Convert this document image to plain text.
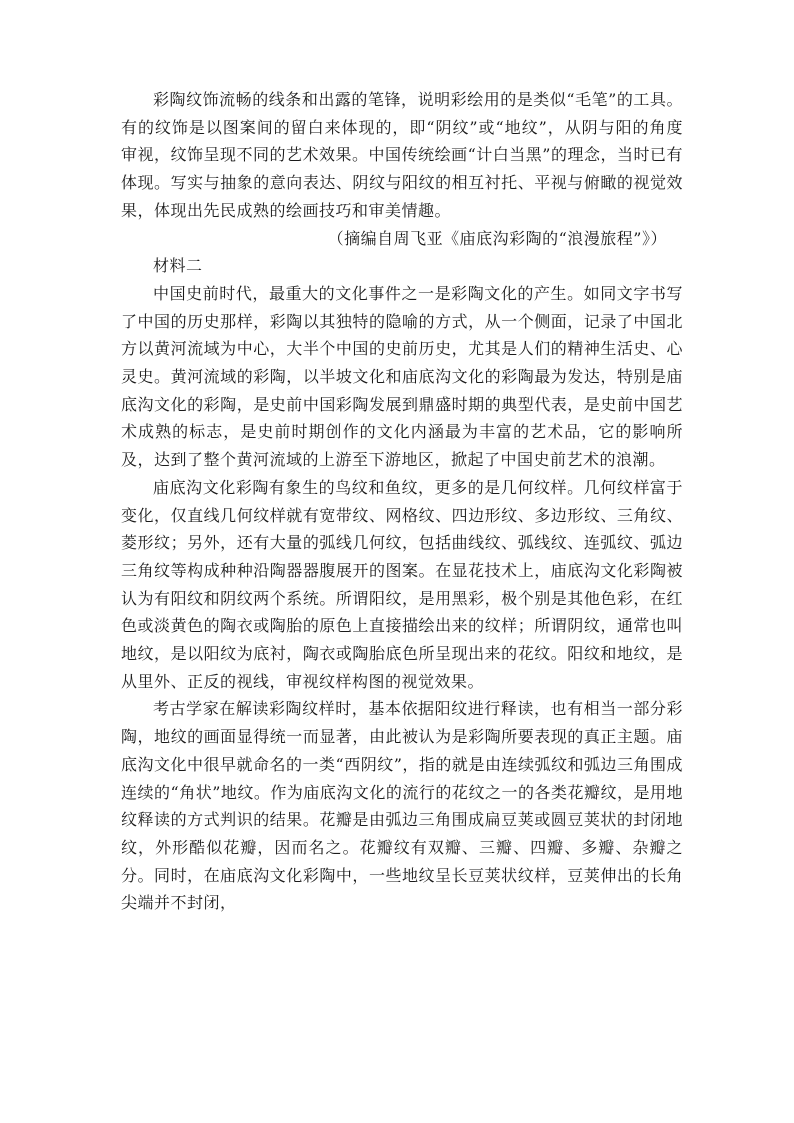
彩陶纹饰流畅的线条和出露的笔锋，说明彩绘用的是类似“毛笔”的工具。有的纹饰是以图案间的留白来体现的，即“阴纹”或“地纹”，从阴与阳的角度审视，纹饰呈现不同的艺术效果。中国传统绘画“计白当黑”的理念，当时已有体现。写实与抽象的意向表达、阴纹与阳纹的相互衬托、平视与俯瞰的视觉效果，体现出先民成熟的绘画技巧和审美情趣。

（摘编自周飞亚《庙底沟彩陶的“浪漫旅程”》）

材料二

中国史前时代，最重大的文化事件之一是彩陶文化的产生。如同文字书写了中国的历史那样，彩陶以其独特的隐喻的方式，从一个侧面，记录了中国北方以黄河流域为中心，大半个中国的史前历史，尤其是人们的精神生活史、心灵史。黄河流域的彩陶，以半坡文化和庙底沟文化的彩陶最为发达，特别是庙底沟文化的彩陶，是史前中国彩陶发展到鼎盛时期的典型代表，是史前中国艺术成熟的标志，是史前时期创作的文化内涵最为丰富的艺术品，它的影响所及，达到了整个黄河流域的上游至下游地区，掀起了中国史前艺术的浪潮。

庙底沟文化彩陶有象生的鸟纹和鱼纹，更多的是几何纹样。几何纹样富于变化，仅直线几何纹样就有宽带纹、网格纹、四边形纹、多边形纹、三角纹、菱形纹；另外，还有大量的弧线几何纹，包括曲线纹、弧线纹、连弧纹、弧边三角纹等构成种种沿陶器器腹展开的图案。在显花技术上，庙底沟文化彩陶被认为有阳纹和阴纹两个系统。所谓阳纹，是用黑彩，极个别是其他色彩，在红色或淡黄色的陶衣或陶胎的原色上直接描绘出来的纹样；所谓阴纹，通常也叫地纹，是以阳纹为底衬，陶衣或陶胎底色所呈现出来的花纹。阳纹和地纹，是从里外、正反的视线，审视纹样构图的视觉效果。

考古学家在解读彩陶纹样时，基本依据阳纹进行释读，也有相当一部分彩陶，地纹的画面显得统一而显著，由此被认为是彩陶所要表现的真正主题。庙底沟文化中很早就命名的一类“西阴纹”，指的就是由连续弧纹和弧边三角围成连续的“角状”地纹。作为庙底沟文化的流行的花纹之一的各类花瓣纹，是用地纹释读的方式判识的结果。花瓣是由弧边三角围成扁豆荚或圆豆荚状的封闭地纹，外形酷似花瓣，因而名之。花瓣纹有双瓣、三瓣、四瓣、多瓣、杂瓣之分。同时，在庙底沟文化彩陶中，一些地纹呈长豆荚状纹样，豆荚伸出的长角尖端并不封闭，
